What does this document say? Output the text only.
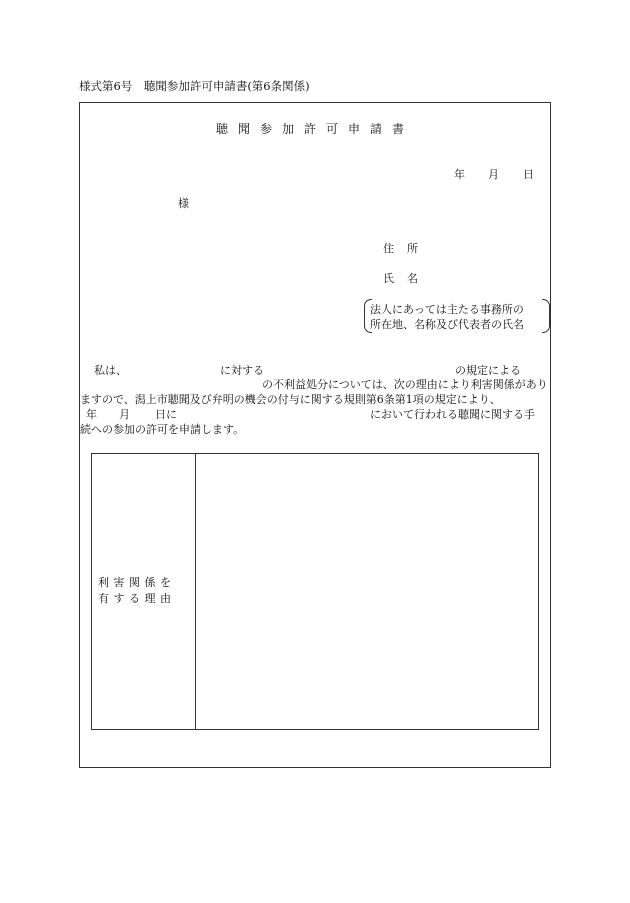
様式第6号　聴聞参加許可申請書(第6条関係)
聴聞参加許可申請書
年 月 日
様
住 所
氏 名
法人にあっては主たる事務所の
所在地、名称及び代表者の氏名
私は、	に対する	の規定による
の不利益処分については、次の理由により利害関係があり
ますので、潟上市聴聞及び弁明の機会の付与に関する規則第6条第1項の規定により、
年 月 日に	において行われる聴聞に関する手
続への参加の許可を申請します。
利害関係を
有する理由
